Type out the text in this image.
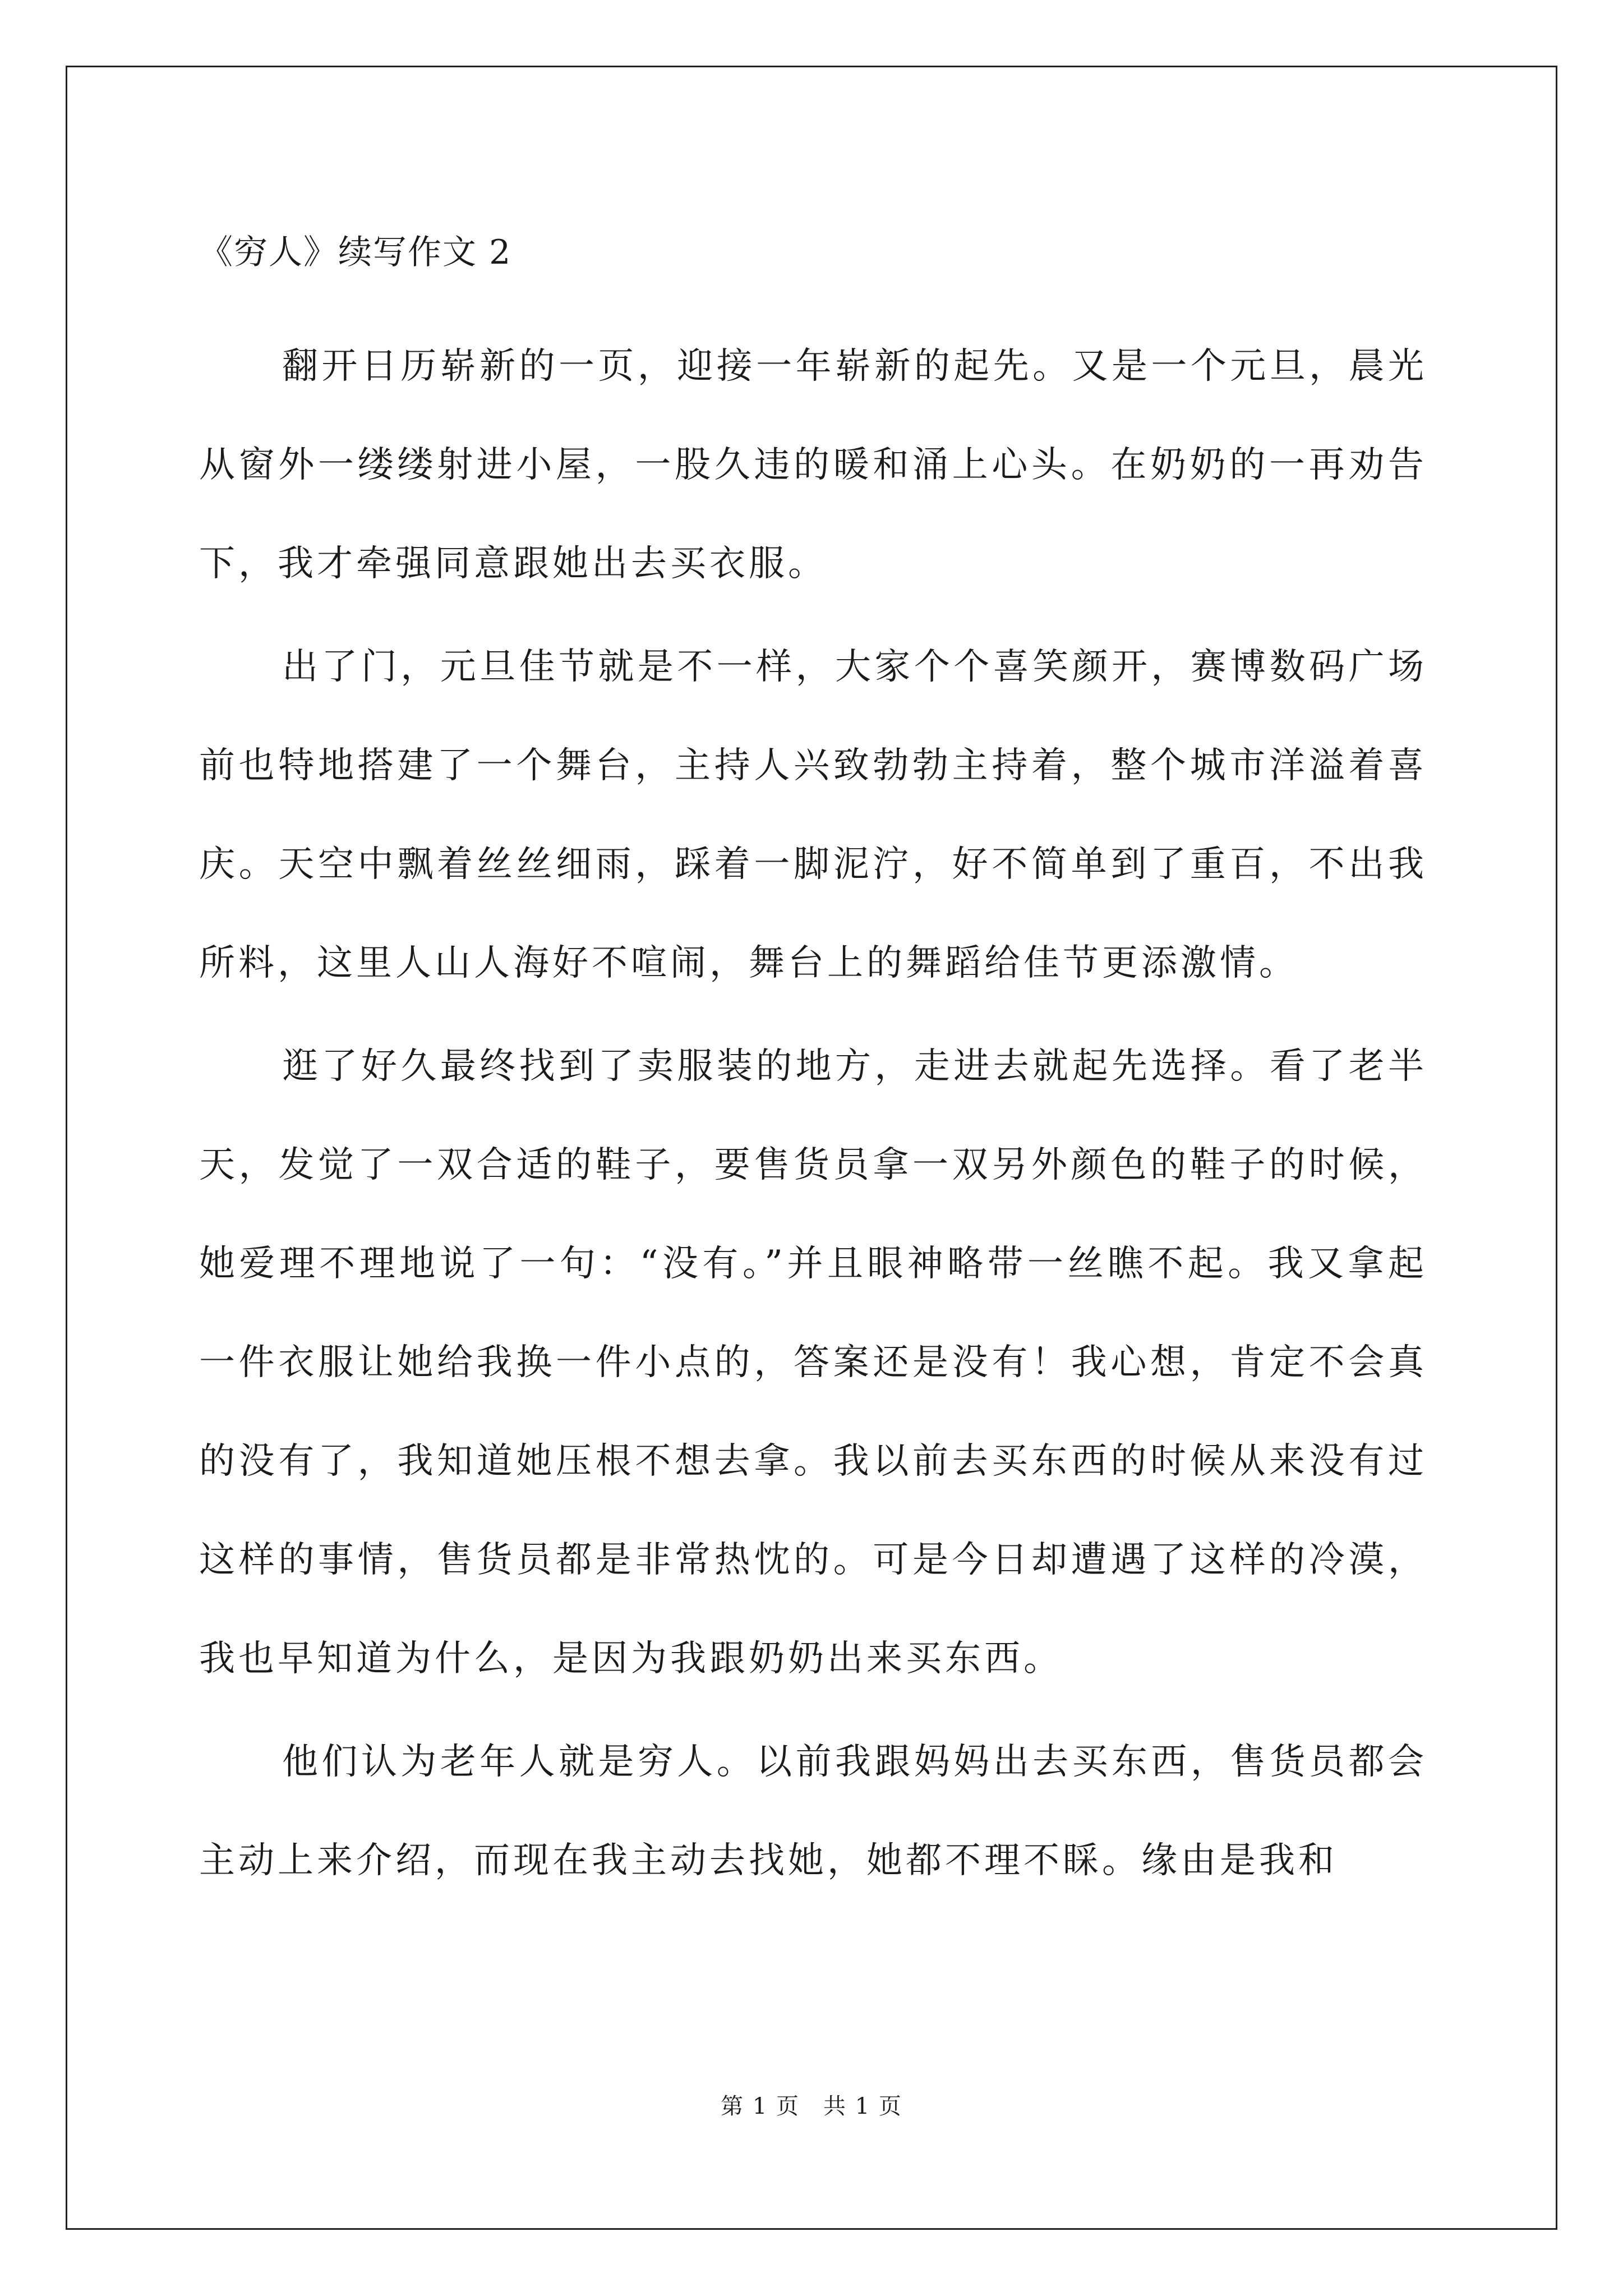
《穷人》续写作文 2

翻开日历崭新的一页，迎接一年崭新的起先。又是一个元旦，晨光从窗外一缕缕射进小屋，一股久违的暖和涌上心头。在奶奶的一再劝告下，我才牵强同意跟她出去买衣服。

出了门，元旦佳节就是不一样，大家个个喜笑颜开，赛博数码广场前也特地搭建了一个舞台，主持人兴致勃勃主持着，整个城市洋溢着喜庆。天空中飘着丝丝细雨，踩着一脚泥泞，好不简单到了重百，不出我所料，这里人山人海好不喧闹，舞台上的舞蹈给佳节更添激情。

逛了好久最终找到了卖服装的地方，走进去就起先选择。看了老半天，发觉了一双合适的鞋子，要售货员拿一双另外颜色的鞋子的时候，她爱理不理地说了一句：“没有。”并且眼神略带一丝瞧不起。我又拿起一件衣服让她给我换一件小点的，答案还是没有！我心想，肯定不会真的没有了，我知道她压根不想去拿。我以前去买东西的时候从来没有过这样的事情，售货员都是非常热忱的。可是今日却遭遇了这样的冷漠，我也早知道为什么，是因为我跟奶奶出来买东西。

他们认为老年人就是穷人。以前我跟妈妈出去买东西，售货员都会主动上来介绍，而现在我主动去找她，她都不理不睬。缘由是我和

第 1 页　共 1 页
